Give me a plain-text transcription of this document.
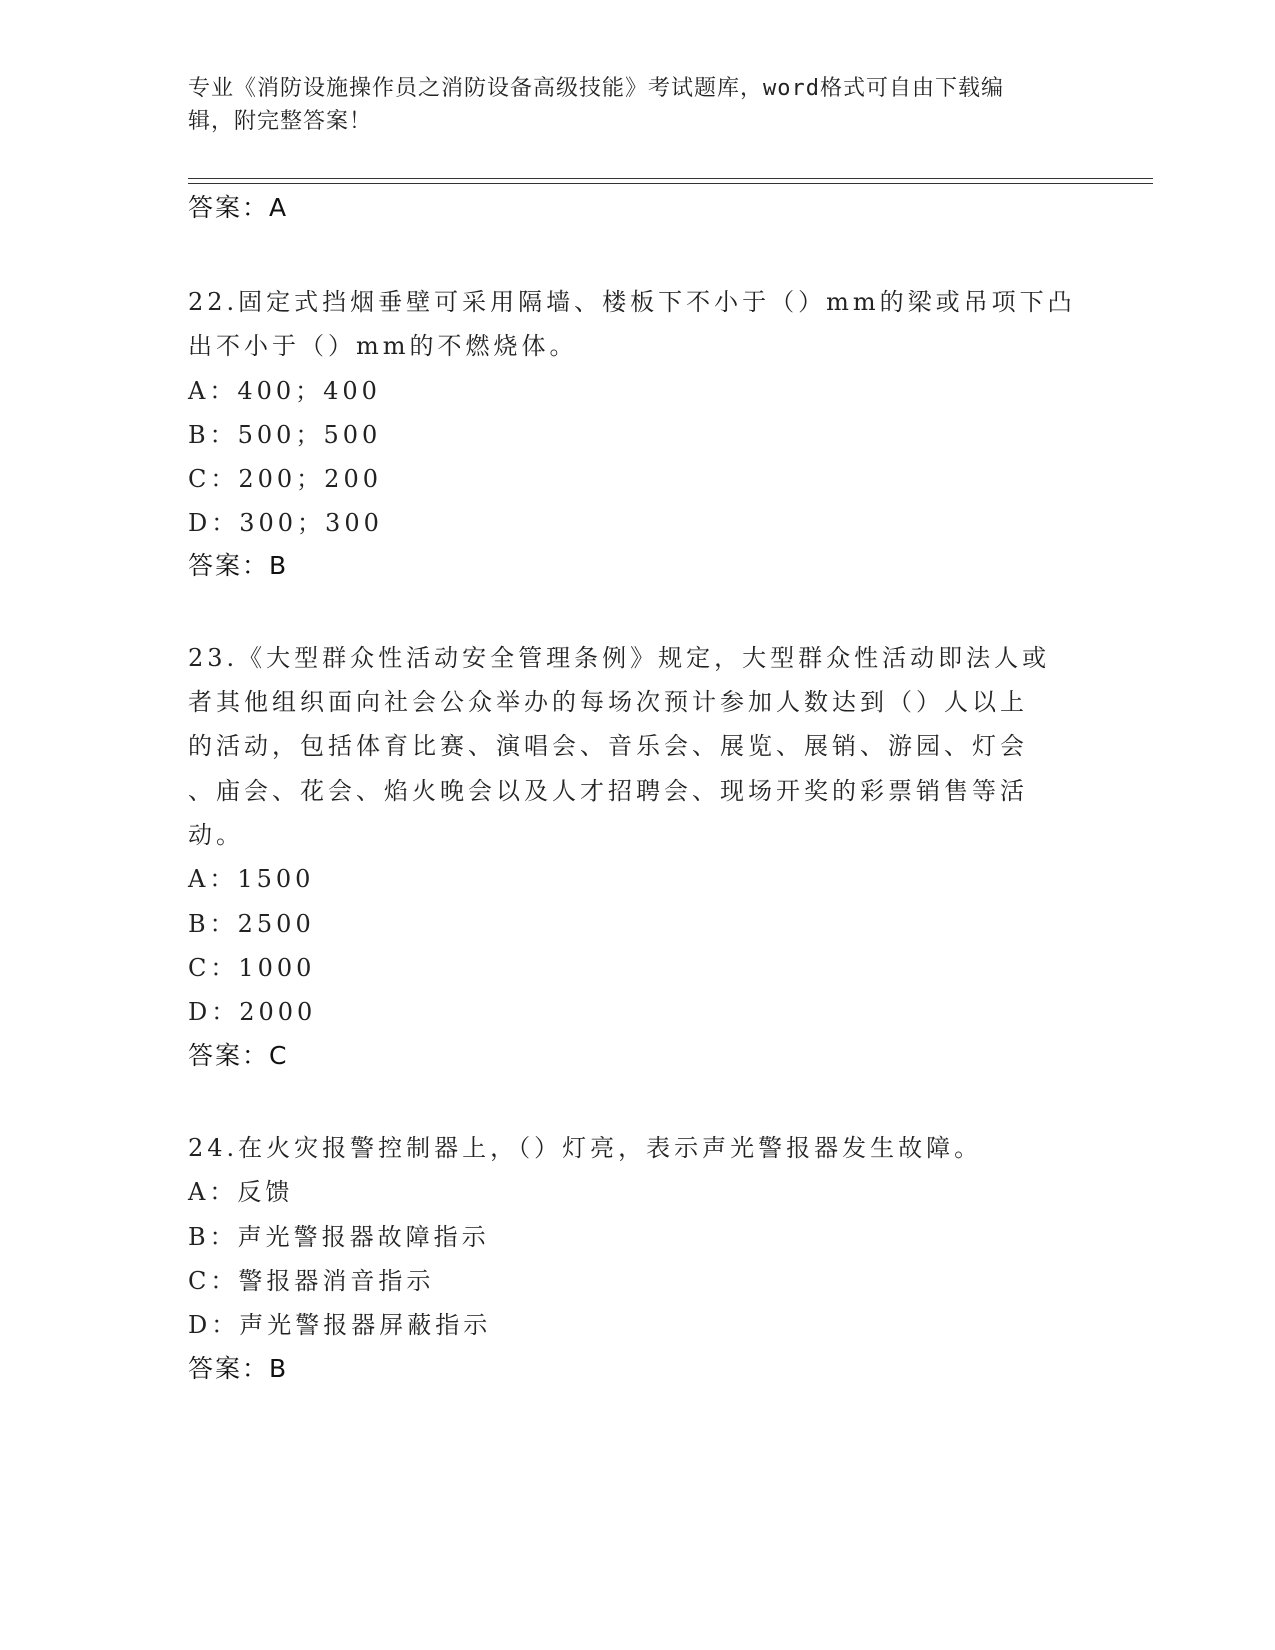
专业《消防设施操作员之消防设备高级技能》考试题库，word格式可自由下载编
辑，附完整答案！
答案：A
22.固定式挡烟垂壁可采用隔墙、楼板下不小于（）mm的梁或吊项下凸
出不小于（）mm的不燃烧体。
A：400；400
B：500；500
C：200；200
D：300；300
答案：B
23.《大型群众性活动安全管理条例》规定，大型群众性活动即法人或
者其他组织面向社会公众举办的每场次预计参加人数达到（）人以上
的活动，包括体育比赛、演唱会、音乐会、展览、展销、游园、灯会
、庙会、花会、焰火晚会以及人才招聘会、现场开奖的彩票销售等活
动。
A：1500
B：2500
C：1000
D：2000
答案：C
24.在火灾报警控制器上，（）灯亮，表示声光警报器发生故障。
A：反馈
B：声光警报器故障指示
C：警报器消音指示
D：声光警报器屏蔽指示
答案：B
